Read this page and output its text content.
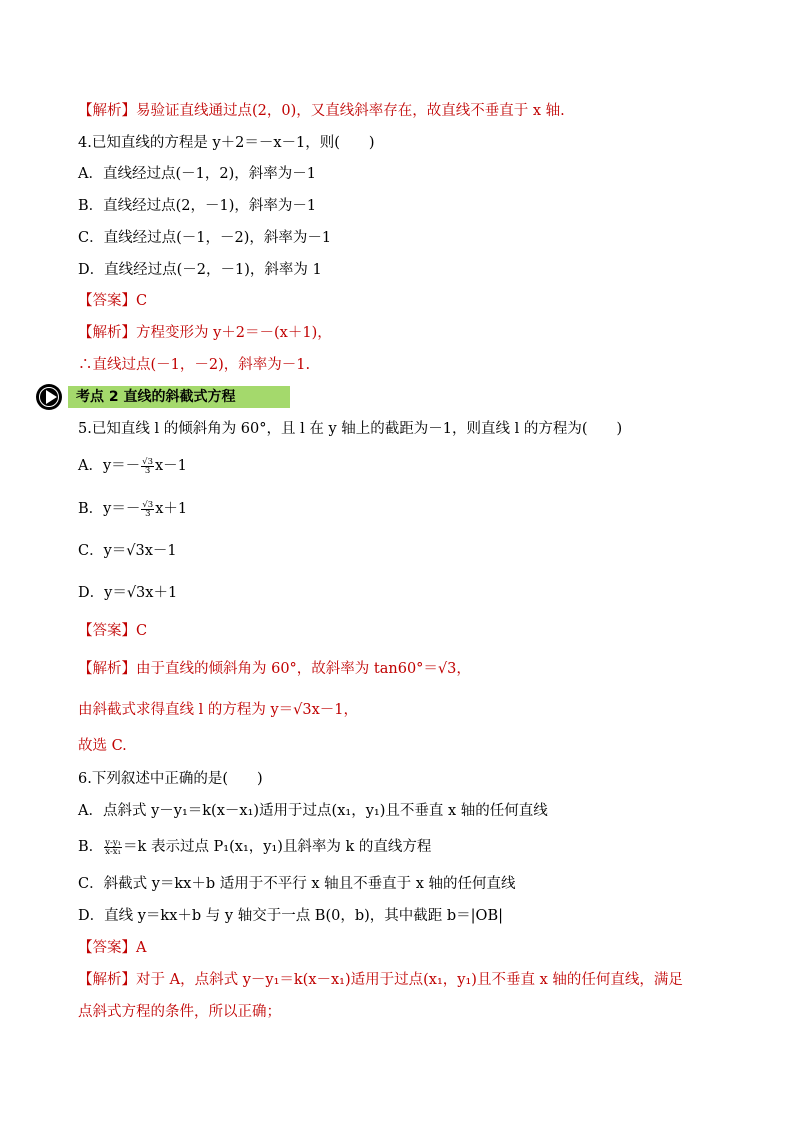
【解析】易验证直线通过点(2，0)，又直线斜率存在，故直线不垂直于 x 轴.
4.已知直线的方程是 y＋2＝－x－1，则(　　)
A．直线经过点(－1，2)，斜率为－1
B．直线经过点(2，－1)，斜率为－1
C．直线经过点(－1，－2)，斜率为－1
D．直线经过点(－2，－1)，斜率为 1
【答案】C
【解析】方程变形为 y＋2＝－(x＋1)，
∴直线过点(－1，－2)，斜率为－1.
考点 2 直线的斜截式方程
5.已知直线 l 的倾斜角为 60°，且 l 在 y 轴上的截距为－1，则直线 l 的方程为(　　)
A．$y=- \frac{√3}{3} x-1$
B．$y=- \frac{√3}{3} x+1$
C．y＝√3x－1
D．y＝√3x＋1
【答案】C
【解析】由于直线的倾斜角为 60°，故斜率为 tan60°＝√3，
由斜截式求得直线 l 的方程为 y＝√3x－1，
故选 C.
6.下列叙述中正确的是(　　)
A．点斜式 y－y₁＝k(x－x₁)适用于过点(x₁，y₁)且不垂直 x 轴的任何直线
B． $\frac{\text{y-y₁}}{\text{x-x₁}} =k$ 表示过点 P₁(x₁，y₁)且斜率为 k 的直线方程
C．斜截式 y＝kx＋b 适用于不平行 x 轴且不垂直于 x 轴的任何直线
D．直线 y＝kx＋b 与 y 轴交于一点 B(0，b)，其中截距 b＝|OB|
【答案】A
【解析】对于 A，点斜式 y－y₁＝k(x－x₁)适用于过点(x₁，y₁)且不垂直 x 轴的任何直线，满足
点斜式方程的条件，所以正确；
